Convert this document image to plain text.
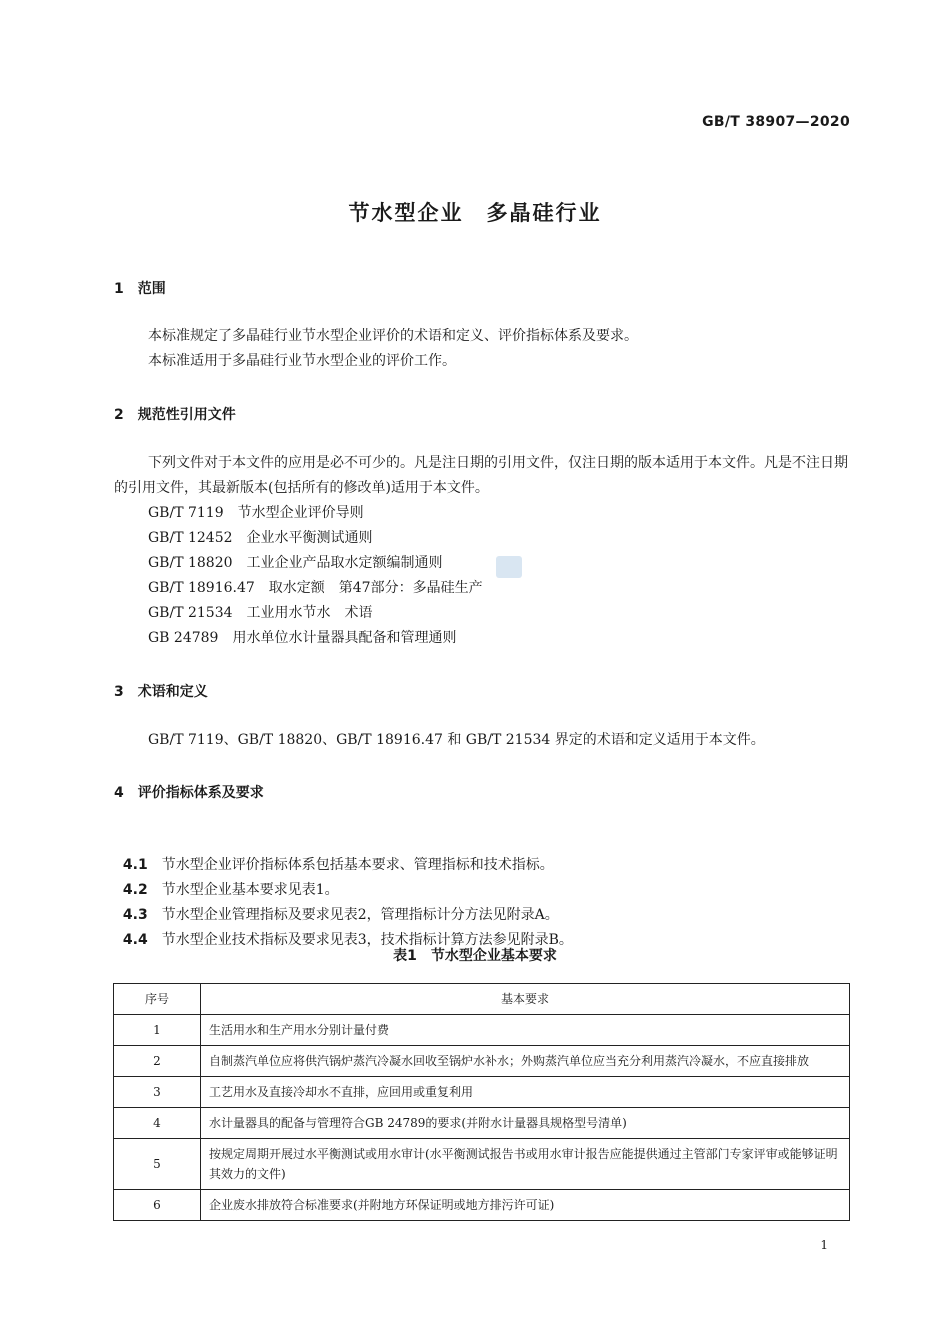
GB/T 38907—2020
节水型企业　多晶硅行业
1　范围
本标准规定了多晶硅行业节水型企业评价的术语和定义、评价指标体系及要求。
本标准适用于多晶硅行业节水型企业的评价工作。
2　规范性引用文件
下列文件对于本文件的应用是必不可少的。凡是注日期的引用文件，仅注日期的版本适用于本文件。凡是不注日期的引用文件，其最新版本(包括所有的修改单)适用于本文件。
GB/T 7119　节水型企业评价导则
GB/T 12452　企业水平衡测试通则
GB/T 18820　工业企业产品取水定额编制通则
GB/T 18916.47　取水定额　第47部分：多晶硅生产
GB/T 21534　工业用水节水　术语
GB 24789　用水单位水计量器具配备和管理通则
3　术语和定义
GB/T 7119、GB/T 18820、GB/T 18916.47 和 GB/T 21534 界定的术语和定义适用于本文件。
4　评价指标体系及要求

4.1　 节水型企业评价指标体系包括基本要求、管理指标和技术指标。

4.2　 节水型企业基本要求见表1。

4.3　 节水型企业管理指标及要求见表2，管理指标计分方法见附录A。

4.4　 节水型企业技术指标及要求见表3，技术指标计算方法参见附录B。

表1　节水型企业基本要求
序号	基本要求
1	生活用水和生产用水分别计量付费
2	自制蒸汽单位应将供汽锅炉蒸汽冷凝水回收至锅炉水补水；外购蒸汽单位应当充分利用蒸汽冷凝水，不应直接排放
3	工艺用水及直接冷却水不直排，应回用或重复利用
4	水计量器具的配备与管理符合GB 24789的要求(并附水计量器具规格型号清单)
5	按规定周期开展过水平衡测试或用水审计(水平衡测试报告书或用水审计报告应能提供通过主管部门专家评审或能够证明其效力的文件)
6	企业废水排放符合标准要求(并附地方环保证明或地方排污许可证)
1
